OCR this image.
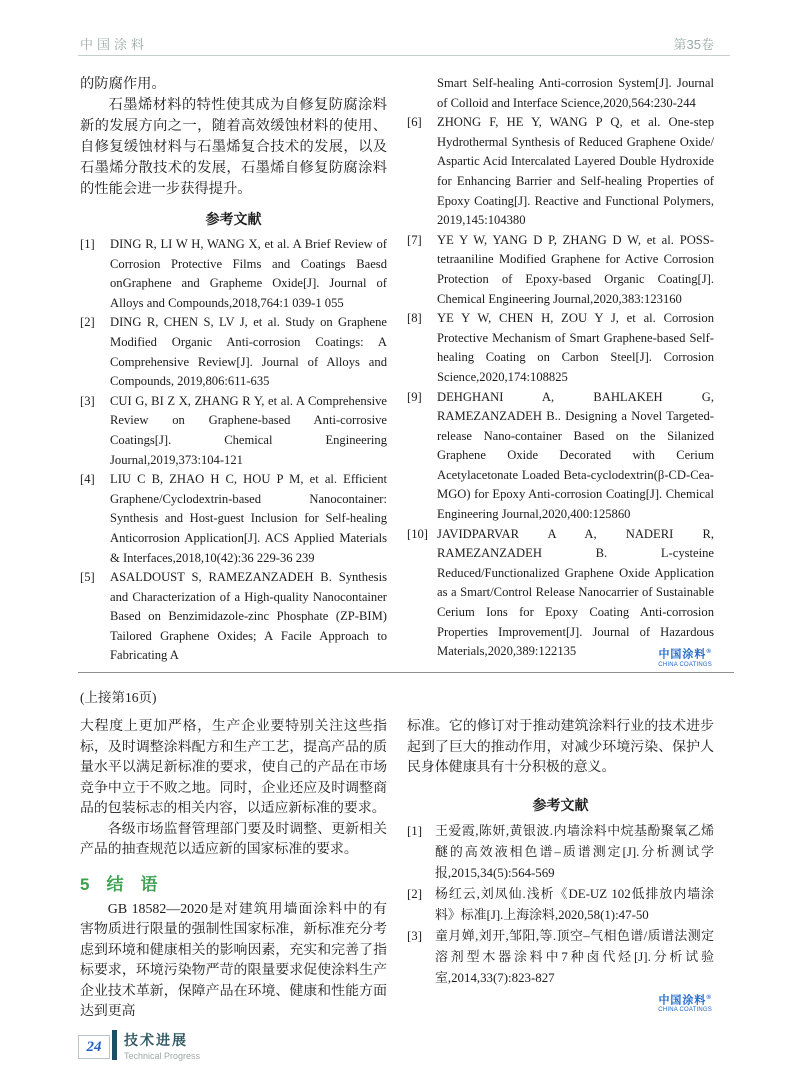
中国涂料	第35卷
的防腐作用。
石墨烯材料的特性使其成为自修复防腐涂料新的发展方向之一，随着高效缓蚀材料的使用、自修复缓蚀材料与石墨烯复合技术的发展，以及石墨烯分散技术的发展，石墨烯自修复防腐涂料的性能会进一步获得提升。
参考文献
[1]	DING R, LI W H, WANG X, et al. A Brief Review of Corrosion Protective Films and Coatings Baesd onGraphene and Grapheme Oxide[J]. Journal of Alloys and Compounds,2018,764:1 039-1 055
[2]	DING R, CHEN S, LV J, et al. Study on Graphene Modified Organic Anti-corrosion Coatings: A Comprehensive Review[J]. Journal of Alloys and Compounds, 2019,806:611-635
[3]	CUI G, BI Z X, ZHANG R Y, et al. A Comprehensive Review on Graphene-based Anti-corrosive Coatings[J]. Chemical Engineering Journal,2019,373:104-121
[4]	LIU C B, ZHAO H C, HOU P M, et al. Efficient Graphene/Cyclodextrin-based Nanocontainer: Synthesis and Host-guest Inclusion for Self-healing Anticorrosion Application[J]. ACS Applied Materials & Interfaces,2018,10(42):36 229-36 239
[5]	ASALDOUST S, RAMEZANZADEH B. Synthesis and Characterization of a High-quality Nanocontainer Based on Benzimidazole-zinc Phosphate (ZP-BIM) Tailored Graphene Oxides; A Facile Approach to Fabricating A
Smart Self-healing Anti-corrosion System[J]. Journal of Colloid and Interface Science,2020,564:230-244
[6]	ZHONG F, HE Y, WANG P Q, et al. One-step Hydrothermal Synthesis of Reduced Graphene Oxide/ Aspartic Acid Intercalated Layered Double Hydroxide for Enhancing Barrier and Self-healing Properties of Epoxy Coating[J]. Reactive and Functional Polymers, 2019,145:104380
[7]	YE Y W, YANG D P, ZHANG D W, et al. POSS-tetraaniline Modified Graphene for Active Corrosion Protection of Epoxy-based Organic Coating[J]. Chemical Engineering Journal,2020,383:123160
[8]	YE Y W, CHEN H, ZOU Y J, et al. Corrosion Protective Mechanism of Smart Graphene-based Self-healing Coating on Carbon Steel[J]. Corrosion Science,2020,174:108825
[9]	DEHGHANI A, BAHLAKEH G, RAMEZANZADEH B.. Designing a Novel Targeted-release Nano-container Based on the Silanized Graphene Oxide Decorated with Cerium Acetylacetonate Loaded Beta-cyclodextrin(β-CD-Cea-MGO) for Epoxy Anti-corrosion Coating[J]. Chemical Engineering Journal,2020,400:125860
[10] JAVIDPARVAR A A, NADERI R, RAMEZANZADEH B. L-cysteine Reduced/Functionalized Graphene Oxide Application as a Smart/Control Release Nanocarrier of Sustainable Cerium Ions for Epoxy Coating Anti-corrosion Properties Improvement[J]. Journal of Hazardous Materials,2020,389:122135	中国涂料®
CHINA COATINGS
(上接第16页)
大程度上更加严格，生产企业要特别关注这些指标，及时调整涂料配方和生产工艺，提高产品的质量水平以满足新标准的要求，使自己的产品在市场竞争中立于不败之地。同时，企业还应及时调整商品的包装标志的相关内容，以适应新标准的要求。
各级市场监督管理部门要及时调整、更新相关产品的抽查规范以适应新的国家标准的要求。
5　结　语
GB 18582—2020是对建筑用墙面涂料中的有害物质进行限量的强制性国家标准，新标准充分考虑到环境和健康相关的影响因素，充实和完善了指标要求，环境污染物严苛的限量要求促使涂料生产企业技术革新，保障产品在环境、健康和性能方面达到更高
标准。它的修订对于推动建筑涂料行业的技术进步起到了巨大的推动作用，对减少环境污染、保护人民身体健康具有十分积极的意义。
参考文献
[1]	王爱霞,陈妍,黄银波.内墙涂料中烷基酚聚氧乙烯醚的高效液相色谱–质谱测定[J].分析测试学报,2015,34(5):564-569
[2]	杨红云,刘凤仙.浅析《DE-UZ 102低排放内墙涂料》标准[J].上海涂料,2020,58(1):47-50
[3]	童月婵,刘开,邹阳,等.顶空–气相色谱/质谱法测定溶剂型木器涂料中7种卤代烃[J].分析试验室,2014,33(7):823-827
中国涂料®
CHINA COATINGS
24 技术进展
Technical Progress
